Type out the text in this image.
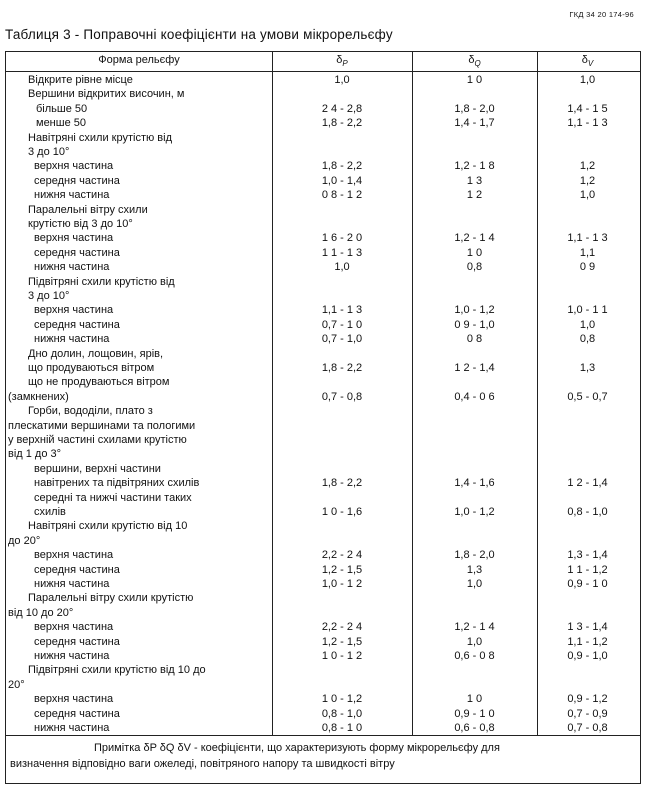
ГКД 34 20 174-96
Таблиця 3 - Поправочні коефіцієнти на умови мікрорельєфу
Форма рельєфу	$\delta_P$	$\delta_Q$	$\delta_V$
Відкрите рівне місце	1,0	1 0	1,0
Вершини відкритих височин, м
більше 50	2 4 - 2,8	1,8 - 2,0	1,4 - 1 5
менше 50	1,8 - 2,2	1,4 - 1,7	1,1 - 1 3
Навітряні схили крутістю від
3 до 10°
верхня частина	1,8 - 2,2	1,2 - 1 8	1,2
середня частина	1,0 - 1,4	1 3	1,2
нижня частина	0 8 - 1 2	1 2	1,0
Паралельні вітру схили
крутістю від 3 до 10°
верхня частина	1 6 - 2 0	1,2 - 1 4	1,1 - 1 3
середня частина	1 1 - 1 3	1 0	1,1
нижня частина	1,0	0,8	0 9
Підвітряні схили крутістю від
3 до 10°
верхня частина	1,1 - 1 3	1,0 - 1,2	1,0 - 1 1
середня частина	0,7 - 1 0	0 9 - 1,0	1,0
нижня частина	0,7 - 1,0	0 8	0,8
Дно долин, лощовин, ярів,
що продуваються вітром	1,8 - 2,2	1 2 - 1,4	1,3
що не продуваються вітром
(замкнених)	0,7 - 0,8	0,4 - 0 6	0,5 - 0,7
Горби, вододіли, плато з
плескатими вершинами та пологими
у верхній частині схилами крутістю
від 1 до 3°
вершини, верхні частини
навітрених та підвітряних схилів	1,8 - 2,2	1,4 - 1,6	1 2 - 1,4
середні та нижчі частини таких
схилів	1 0 - 1,6	1,0 - 1,2	0,8 - 1,0
Навітряні схили крутістю від 10
до 20°
верхня частина	2,2 - 2 4	1,8 - 2,0	1,3 - 1,4
середня частина	1,2 - 1,5	1,3	1 1 - 1,2
нижня частина	1,0 - 1 2	1,0	0,9 - 1 0
Паралельні вітру схили крутістю
від 10 до 20°
верхня частина	2,2 - 2 4	1,2 - 1 4	1 3 - 1,4
середня частина	1,2 - 1,5	1,0	1,1 - 1,2
нижня частина	1 0 - 1 2	0,6 - 0 8	0,9 - 1,0
Підвітряні схили крутістю від 10 до
20°
верхня частина	1 0 - 1,2	1 0	0,9 - 1,2
середня частина	0,8 - 1,0	0,9 - 1 0	0,7 - 0,9
нижня частина	0,8 - 1 0	0,6 - 0,8	0,7 - 0,8
Примітка δP δQ δV - коефіцієнти, що характеризують форму мікрорельєфу для
визначення відповідно ваги ожеледі, повітряного напору та швидкості вітру
